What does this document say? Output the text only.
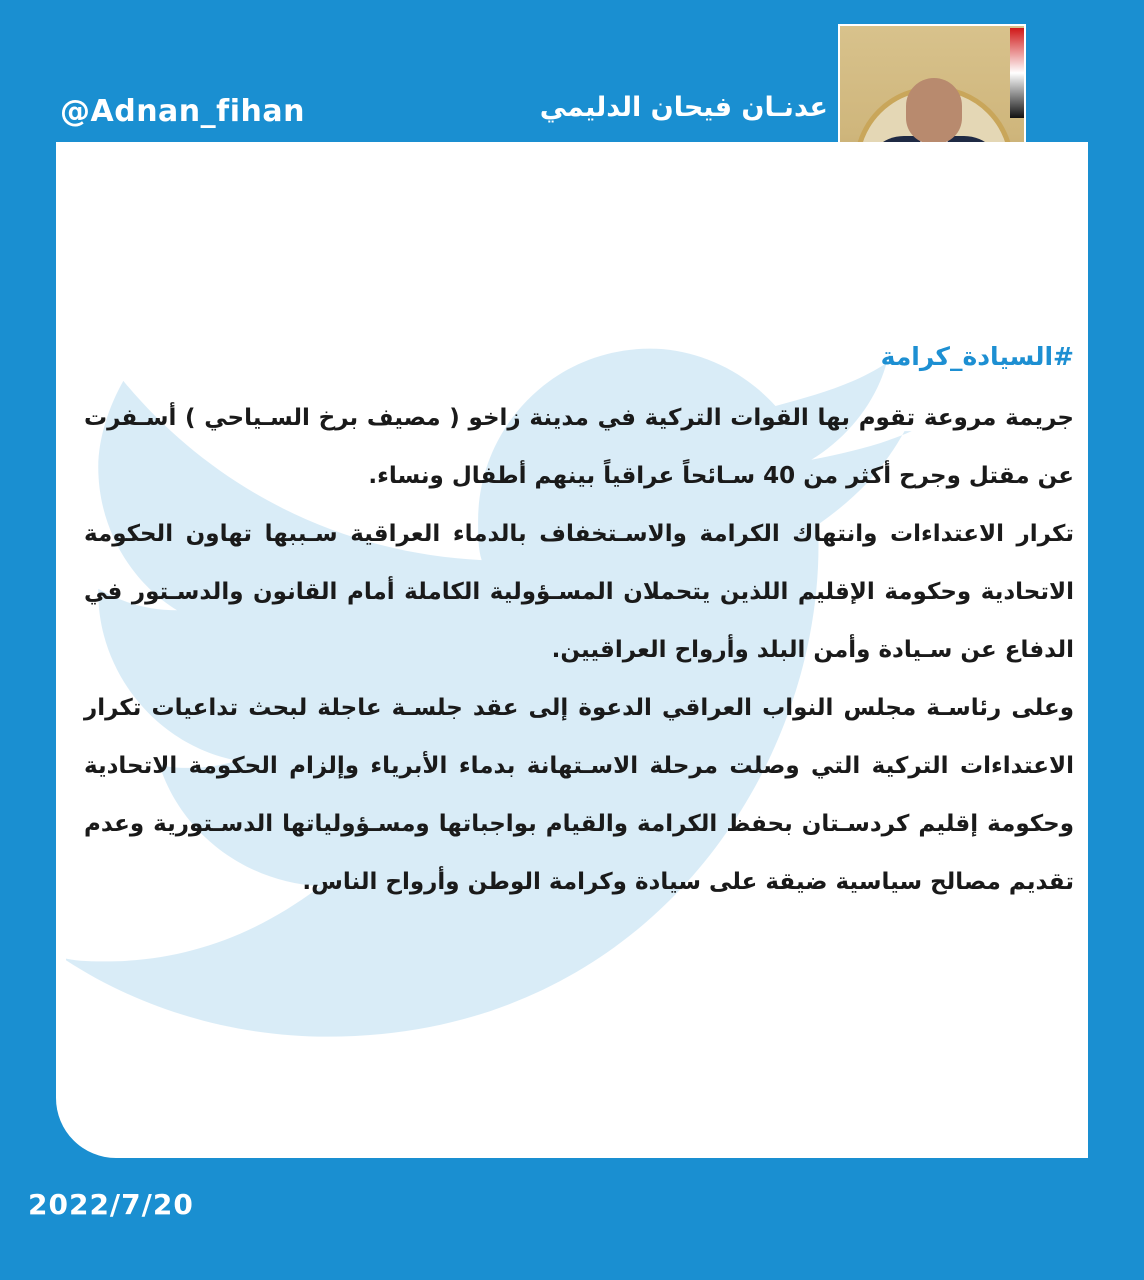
@Adnan_fihan	عدنـان فيحان الدليمي

#السيادة_كرامة

جريمة مروعة تقوم بها القوات التركية في مدينة زاخو ( مصيف برخ السـياحي ) أسـفرت عن مقتل وجرح أكثر من 40 سـائحاً عراقياً بينهم أطفال ونساء.

تكرار الاعتداءات وانتهاك الكرامة والاسـتخفاف بالدماء العراقية سـببها تهاون الحكومة الاتحادية وحكومة الإقليم اللذين يتحملان المسـؤولية الكاملة أمام القانون والدسـتور في الدفاع عن سـيادة وأمن البلد وأرواح العراقيين.

وعلى رئاسـة مجلس النواب العراقي الدعوة إلى عقد جلسـة عاجلة لبحث تداعيات تكرار الاعتداءات التركية التي وصلت مرحلة الاسـتهانة بدماء الأبرياء وإلزام الحكومة الاتحادية وحكومة إقليم كردسـتان بحفظ الكرامة والقيام بواجباتها ومسـؤولياتها الدسـتورية وعدم تقديم مصالح سياسية ضيقة على سيادة وكرامة الوطن وأرواح الناس.

2022/7/20
